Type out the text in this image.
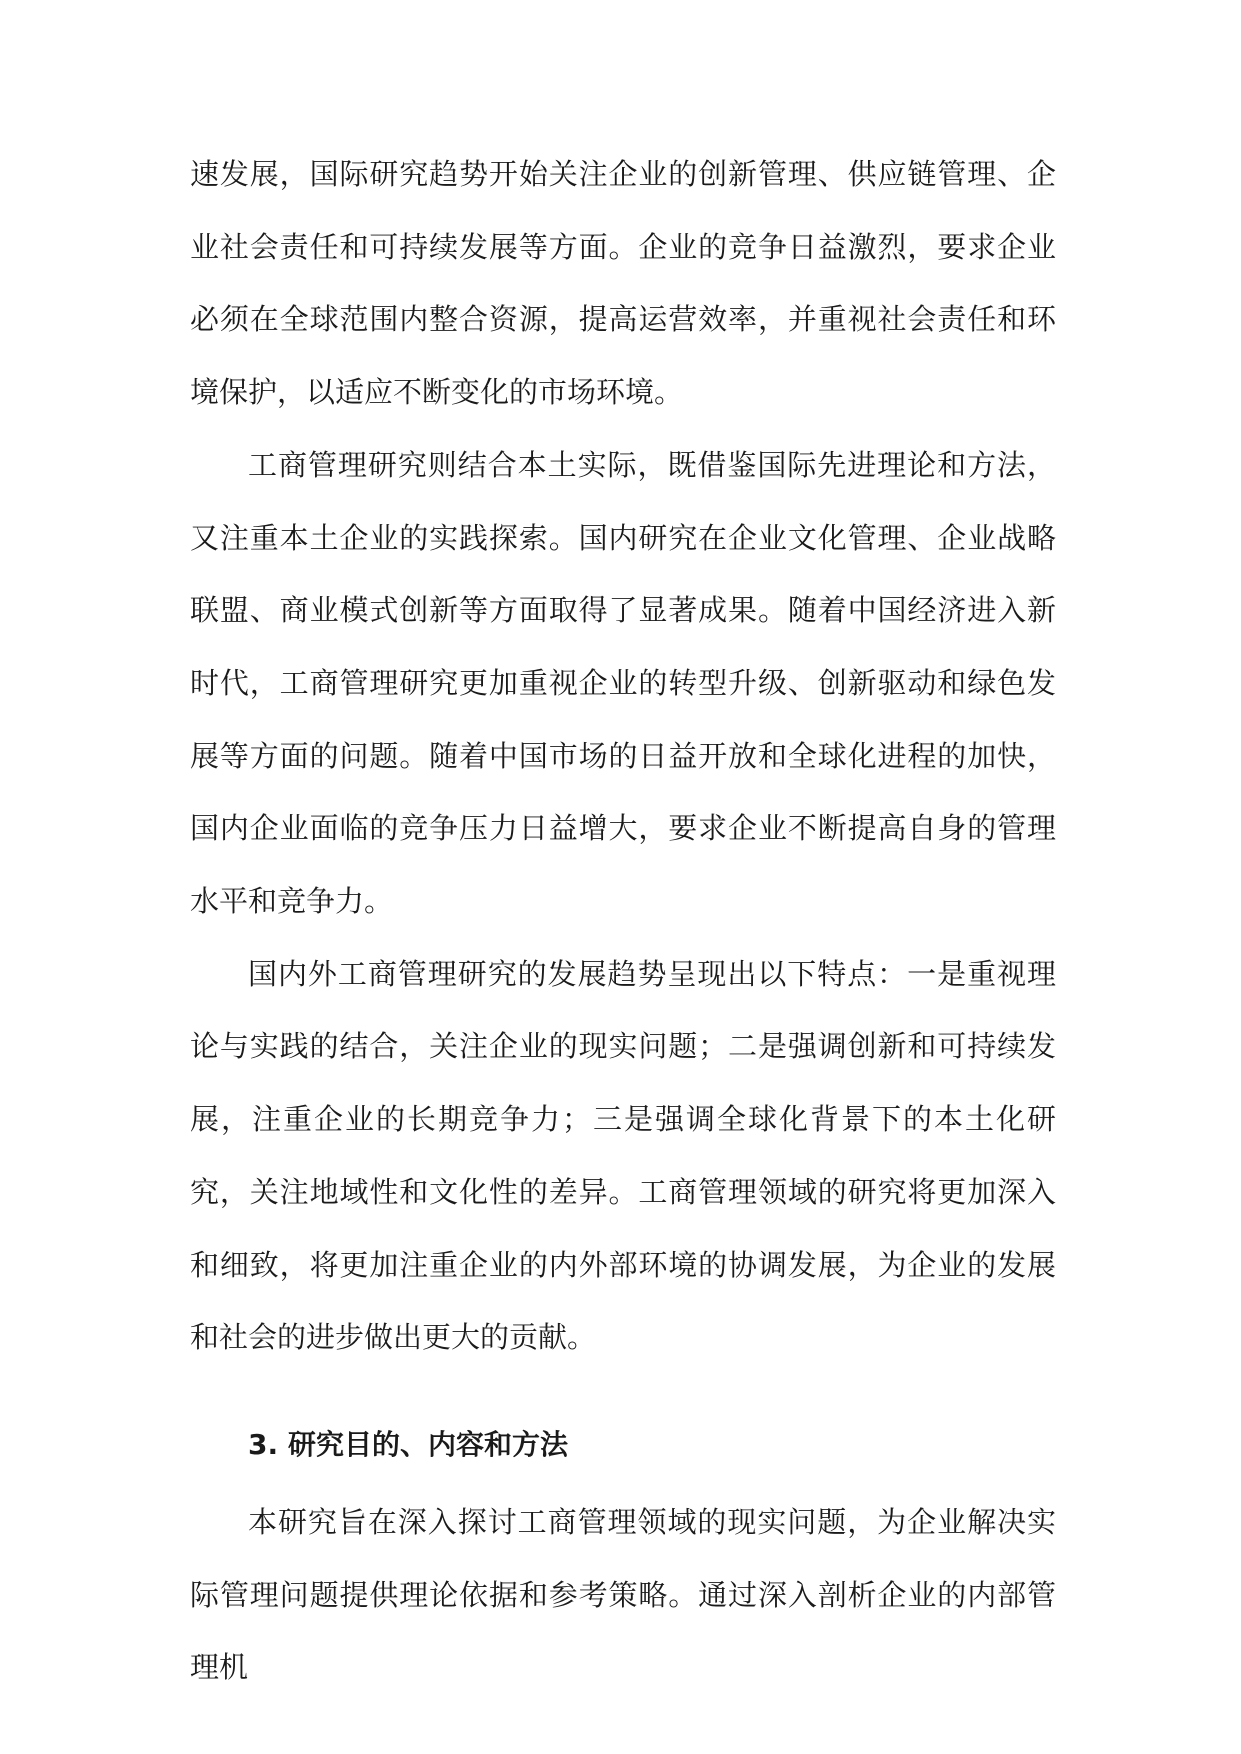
速发展，国际研究趋势开始关注企业的创新管理、供应链管理、企业社会责任和可持续发展等方面。企业的竞争日益激烈，要求企业必须在全球范围内整合资源，提高运营效率，并重视社会责任和环境保护，以适应不断变化的市场环境。

工商管理研究则结合本土实际，既借鉴国际先进理论和方法，又注重本土企业的实践探索。国内研究在企业文化管理、企业战略联盟、商业模式创新等方面取得了显著成果。随着中国经济进入新时代，工商管理研究更加重视企业的转型升级、创新驱动和绿色发展等方面的问题。随着中国市场的日益开放和全球化进程的加快，国内企业面临的竞争压力日益增大，要求企业不断提高自身的管理水平和竞争力。

国内外工商管理研究的发展趋势呈现出以下特点：一是重视理论与实践的结合，关注企业的现实问题；二是强调创新和可持续发展，注重企业的长期竞争力；三是强调全球化背景下的本土化研究，关注地域性和文化性的差异。工商管理领域的研究将更加深入和细致，将更加注重企业的内外部环境的协调发展，为企业的发展和社会的进步做出更大的贡献。

3. 研究目的、内容和方法

本研究旨在深入探讨工商管理领域的现实问题，为企业解决实际管理问题提供理论依据和参考策略。通过深入剖析企业的内部管理机
